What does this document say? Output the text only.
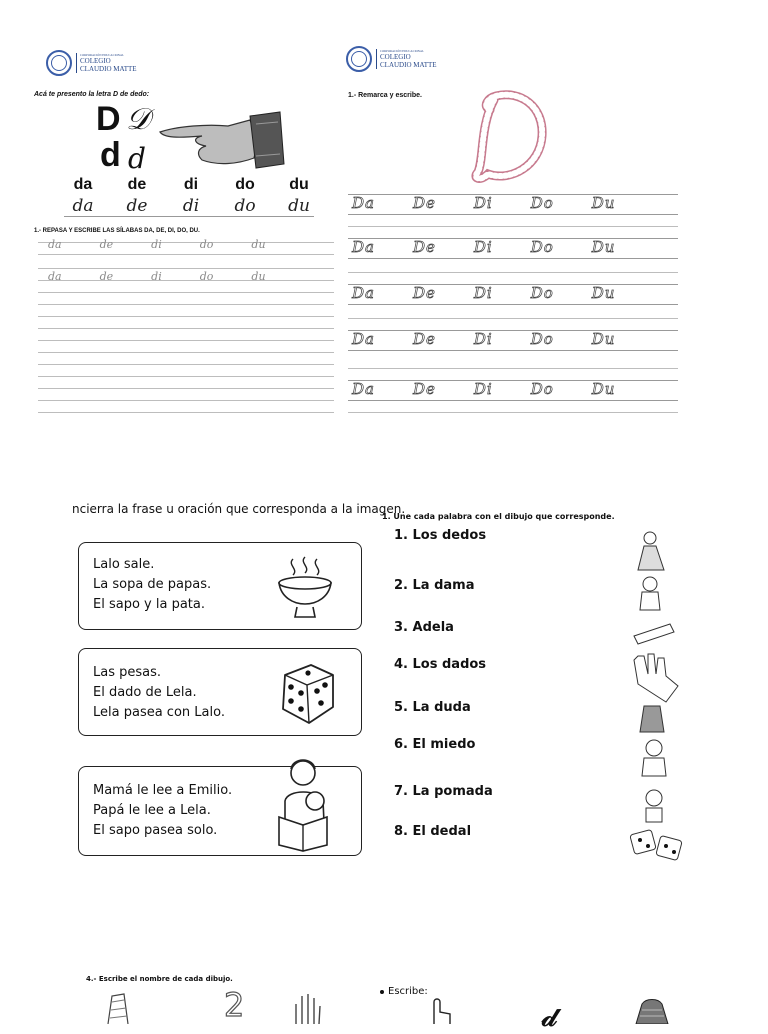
CORPORACIÓN EDUCACIONAL
COLEGIO
CLAUDIO MATTE
Acá te presento la letra D de dedo:
D 𝒟
d d
da	de	di	do	du
da	de	di	do	du
1.- REPASA Y ESCRIBE LAS SÍLABAS DA, DE, DI, DO, DU.
da	de	di	do	du
da	de	di	do	du
CORPORACIÓN EDUCACIONAL
COLEGIO
CLAUDIO MATTE
1.- Remarca y escribe.
Da	De	Di	Do	Du
Da	De	Di	Do	Du
Da	De	Di	Do	Du
Da	De	Di	Do	Du
Da	De	Di	Do	Du
ncierra la frase u oración que corresponda a la imagen.
Lalo sale.
La sopa de papas.
El sapo y la pata.
Las pesas.
El dado de Lela.
Lela pasea con Lalo.
Mamá le lee a Emilio.
Papá le lee a Lela.
El sapo pasea solo.
1. Une cada palabra con el dibujo que corresponde.
1. Los dedos
2. La dama
3. Adela
4. Los dados
5. La duda
6. El miedo
7. La pomada
8. El dedal
4.- Escribe el nombre de cada dibujo.
2	Escribe:
𝒹
